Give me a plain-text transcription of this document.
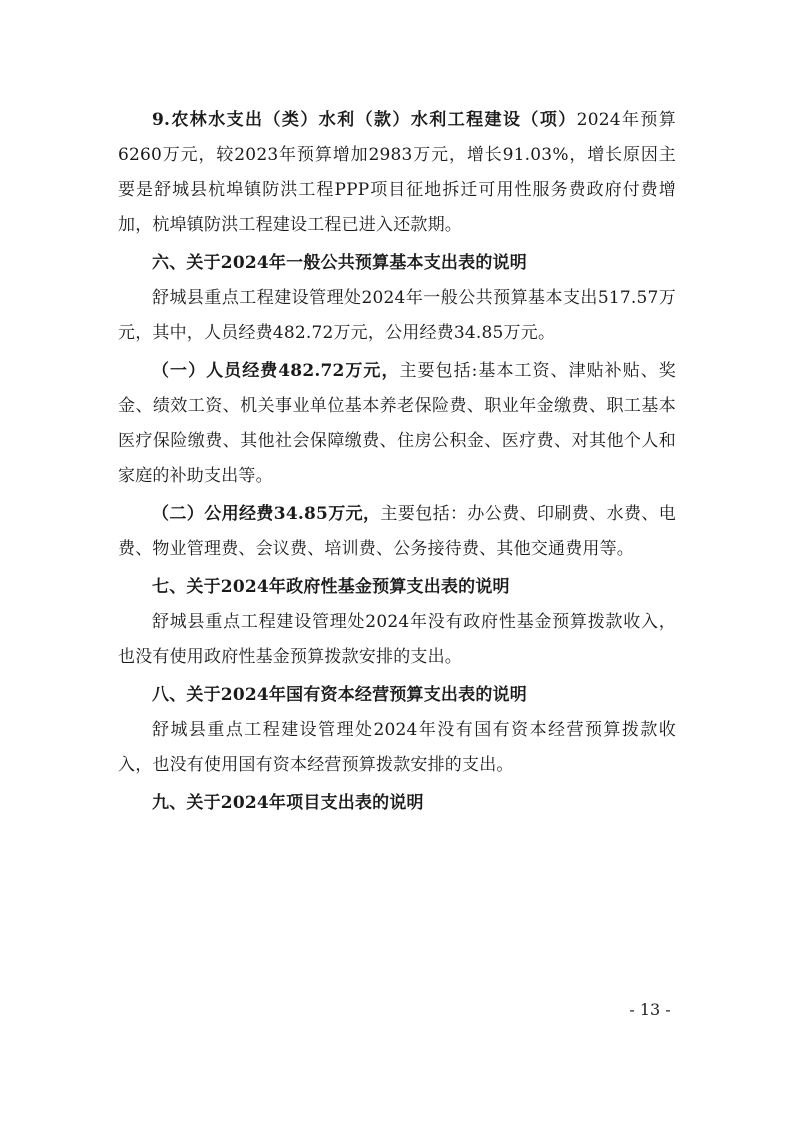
9.农林水支出（类）水利（款）水利工程建设（项）2024年预算6260万元，较2023年预算增加2983万元，增长91.03%，增长原因主要是舒城县杭埠镇防洪工程PPP项目征地拆迁可用性服务费政府付费增加，杭埠镇防洪工程建设工程已进入还款期。

六、关于2024年一般公共预算基本支出表的说明

舒城县重点工程建设管理处2024年一般公共预算基本支出517.57万元，其中，人员经费482.72万元，公用经费34.85万元。

（一）人员经费482.72万元，主要包括:基本工资、津贴补贴、奖金、绩效工资、机关事业单位基本养老保险费、职业年金缴费、职工基本医疗保险缴费、其他社会保障缴费、住房公积金、医疗费、对其他个人和家庭的补助支出等。

（二）公用经费34.85万元，主要包括：办公费、印刷费、水费、电费、物业管理费、会议费、培训费、公务接待费、其他交通费用等。

七、关于2024年政府性基金预算支出表的说明

舒城县重点工程建设管理处2024年没有政府性基金预算拨款收入，也没有使用政府性基金预算拨款安排的支出。

八、关于2024年国有资本经营预算支出表的说明

舒城县重点工程建设管理处2024年没有国有资本经营预算拨款收入，也没有使用国有资本经营预算拨款安排的支出。

九、关于2024年项目支出表的说明

- 13 -
